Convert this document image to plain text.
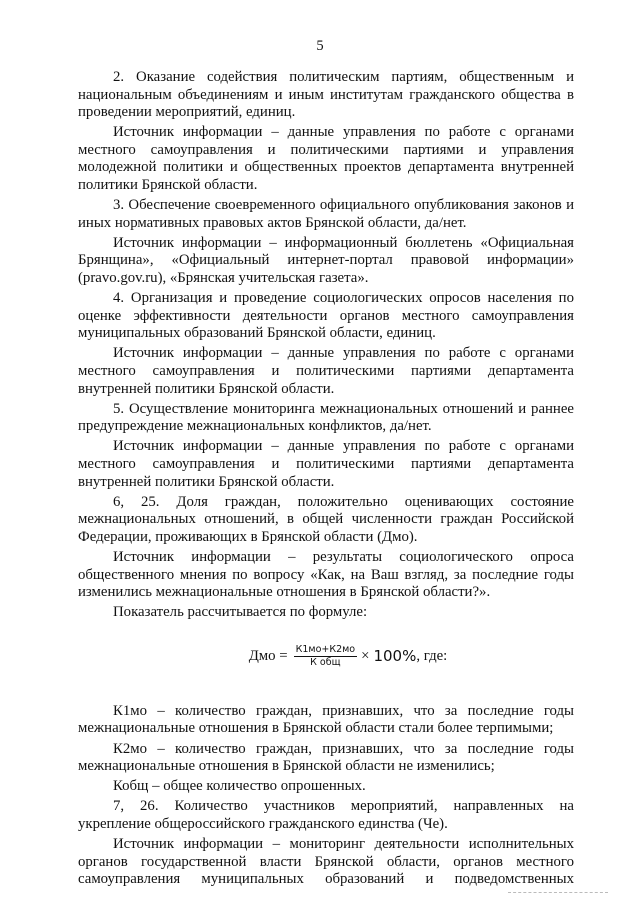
5

2. Оказание содействия политическим партиям, общественным и национальным объединениям и иным институтам гражданского общества в проведении мероприятий, единиц.

Источник информации – данные управления по работе с органами местного самоуправления и политическими партиями и управления молодежной политики и общественных проектов департамента внутренней политики Брянской области.

3. Обеспечение своевременного официального опубликования законов и иных нормативных правовых актов Брянской области, да/нет.

Источник информации – информационный бюллетень «Официальная Брянщина», «Официальный интернет-портал правовой информации» (pravo.gov.ru), «Брянская учительская газета».

4. Организация и проведение социологических опросов населения по оценке эффективности деятельности органов местного самоуправления муниципальных образований Брянской области, единиц.

Источник информации – данные управления по работе с органами местного самоуправления и политическими партиями департамента внутренней политики Брянской области.

5. Осуществление мониторинга межнациональных отношений и раннее предупреждение межнациональных конфликтов, да/нет.

Источник информации – данные управления по работе с органами местного самоуправления и политическими партиями департамента внутренней политики Брянской области.

6, 25. Доля граждан, положительно оценивающих состояние межнациональных отношений, в общей численности граждан Российской Федерации, проживающих в Брянской области (Дмо).

Источник информации – результаты социологического опроса общественного мнения по вопросу «Как, на Ваш взгляд, за последние годы изменились межнациональные отношения в Брянской области?».

Показатель рассчитывается по формуле:

Дмо = $\frac{К1мо+К2мо}{\text{К общ}} \times 100\%$ , где:

К1мо – количество граждан, признавших, что за последние годы межнациональные отношения в Брянской области стали более терпимыми;

К2мо – количество граждан, признавших, что за последние годы межнациональные отношения в Брянской области не изменились;

Кобщ – общее количество опрошенных.

7, 26. Количество участников мероприятий, направленных на укрепление общероссийского гражданского единства (Че).

Источник информации – мониторинг деятельности исполнительных органов государственной власти Брянской области, органов местного самоуправления муниципальных образований и подведомственных
